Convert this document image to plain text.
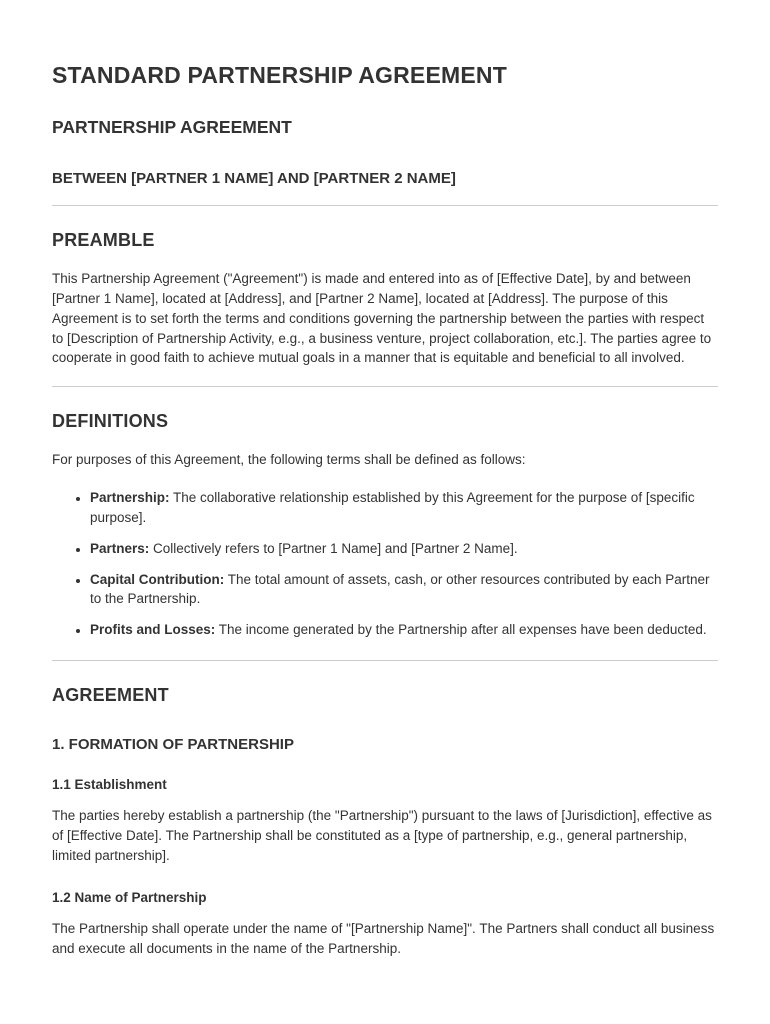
STANDARD PARTNERSHIP AGREEMENT
PARTNERSHIP AGREEMENT
BETWEEN [PARTNER 1 NAME] AND [PARTNER 2 NAME]
PREAMBLE

This Partnership Agreement ("Agreement") is made and entered into as of [Effective Date], by and between [Partner 1 Name], located at [Address], and [Partner 2 Name], located at [Address]. The purpose of this Agreement is to set forth the terms and conditions governing the partnership between the parties with respect to [Description of Partnership Activity, e.g., a business venture, project collaboration, etc.]. The parties agree to cooperate in good faith to achieve mutual goals in a manner that is equitable and beneficial to all involved.

DEFINITIONS

For purposes of this Agreement, the following terms shall be defined as follows:

• Partnership: The collaborative relationship established by this Agreement for the purpose of [specific purpose].
• Partners: Collectively refers to [Partner 1 Name] and [Partner 2 Name].
• Capital Contribution: The total amount of assets, cash, or other resources contributed by each Partner to the Partnership.
• Profits and Losses: The income generated by the Partnership after all expenses have been deducted.
AGREEMENT
1. FORMATION OF PARTNERSHIP
1.1 Establishment

The parties hereby establish a partnership (the "Partnership") pursuant to the laws of [Jurisdiction], effective as of [Effective Date]. The Partnership shall be constituted as a [type of partnership, e.g., general partnership, limited partnership].

1.2 Name of Partnership

The Partnership shall operate under the name of "[Partnership Name]". The Partners shall conduct all business and execute all documents in the name of the Partnership.
